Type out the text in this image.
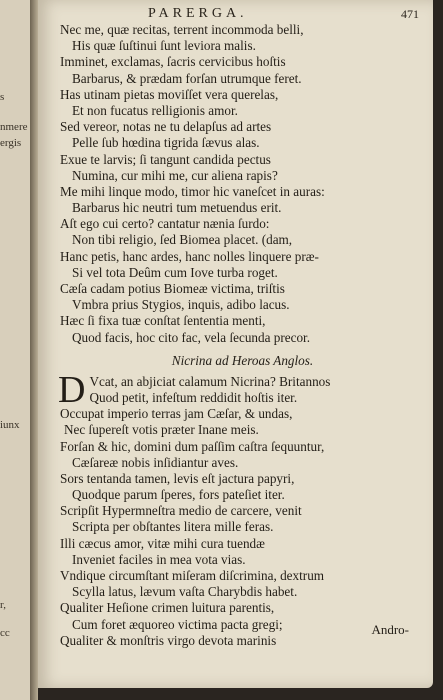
s
nmere
ergis
iunx
r,
cc
PARERGA.	471
Nec me, quæ recitas, terrent incommoda belli,
His quæ ſuſtinui ſunt leviora malis.
Imminet, exclamas, ſacris cervicibus hoſtis
Barbarus, & prædam forſan utrumque feret.
Has utinam pietas moviſſet vera querelas,
Et non fucatus relligionis amor.
Sed vereor, notas ne tu delapſus ad artes
Pelle ſub hœdina tigrida ſævus alas.
Exue te larvis; ſi tangunt candida pectus
Numina, cur mihi me, cur aliena rapis?
Me mihi linque modo, timor hic vaneſcet in auras:
Barbarus hic neutri tum metuendus erit.
Aſt ego cui certo? cantatur nænia ſurdo:
Non tibi religio, ſed Biomea placet. (dam,
Hanc petis, hanc ardes, hanc nolles linquere præ-
Si vel tota Deûm cum Iove turba roget.
Cæſa cadam potius Biomeæ victima, triſtis
Vmbra prius Stygios, inquis, adibo lacus.
Hæc ſi fixa tuæ conſtat ſententia menti,
Quod facis, hoc cito fac, vela ſecunda precor.
Nicrina ad Heroas Anglos.
D Vcat, an abjiciat calamum Nicrina? Britannos
Quod petit, infeſtum reddidit hoſtis iter.
Occupat imperio terras jam Cæſar, & undas,
Nec ſupereſt votis præter Inane meis.
Forſan & hic, domini dum paſſim caſtra ſequuntur,
Cæſareæ nobis inſidiantur aves.
Sors tentanda tamen, levis eſt jactura papyri,
Quodque parum ſperes, fors pateſiet iter.
Scripſit Hypermneſtra medio de carcere, venit
Scripta per obſtantes litera mille feras.
Illi cæcus amor, vitæ mihi cura tuendæ
Inveniet faciles in mea vota vias.
Vndique circumſtant miſeram diſcrimina, dextrum
Scylla latus, lævum vaſta Charybdis habet.
Qualiter Heſione crimen luitura parentis,
Cum foret æquoreo victima pacta gregi;
Qualiter & monſtris virgo devota marinis
Andro-
